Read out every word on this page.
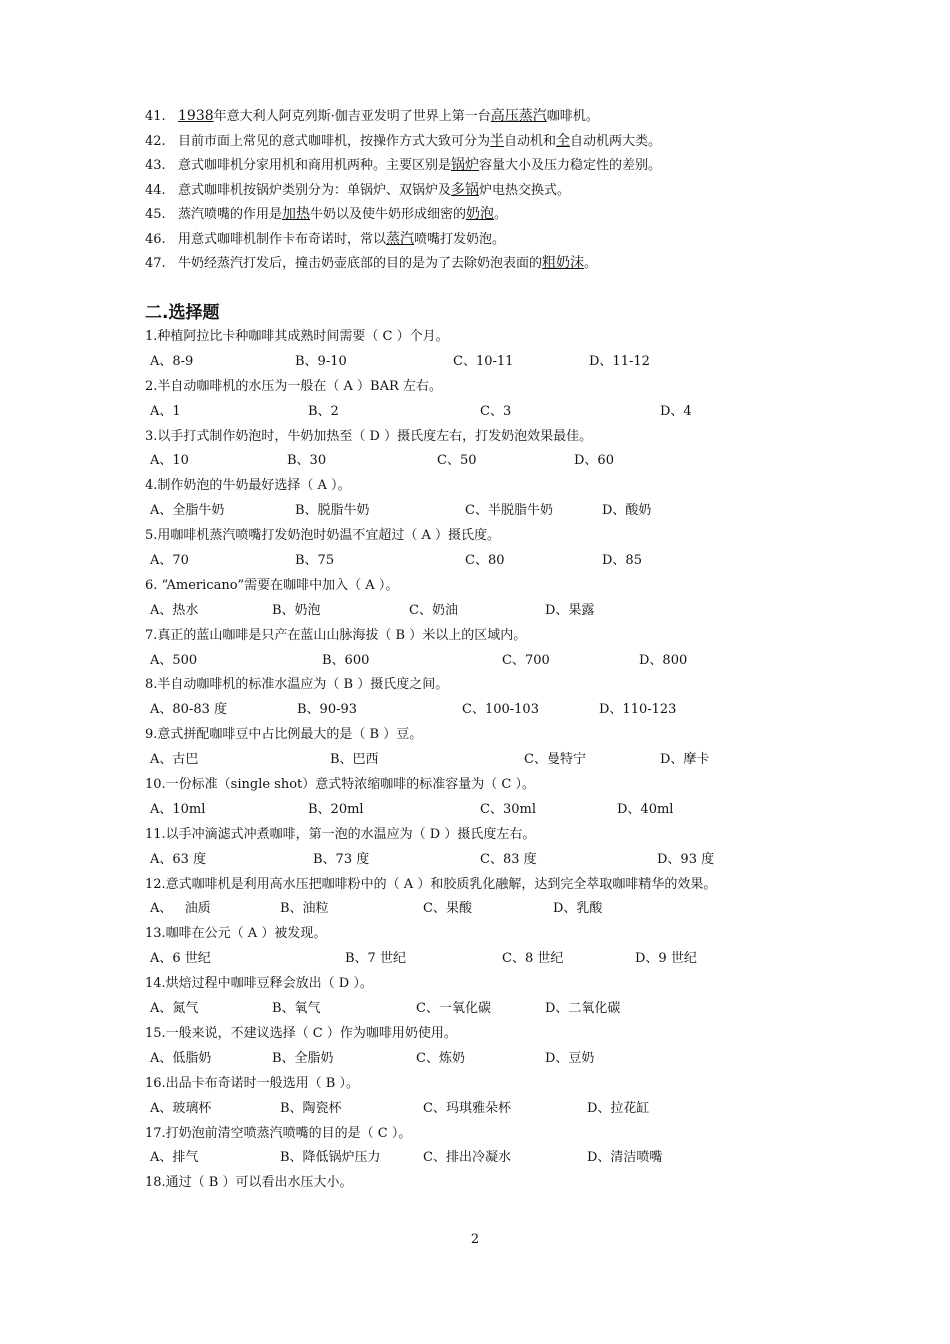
41. 1938年意大利人阿克列斯·伽吉亚发明了世界上第一台高压蒸汽咖啡机。
42. 目前市面上常见的意式咖啡机，按操作方式大致可分为半自动机和全自动机两大类。
43. 意式咖啡机分家用机和商用机两种。主要区别是锅炉容量大小及压力稳定性的差别。
44. 意式咖啡机按锅炉类别分为：单锅炉、双锅炉及多锅炉电热交换式。
45. 蒸汽喷嘴的作用是加热牛奶以及使牛奶形成细密的奶泡。
46. 用意式咖啡机制作卡布奇诺时，常以蒸汽喷嘴打发奶泡。
47. 牛奶经蒸汽打发后，撞击奶壶底部的目的是为了去除奶泡表面的粗奶沫。
二.选择题
1.种植阿拉比卡种咖啡其成熟时间需要（ C ）个月。
A、8-9	B、9-10	C、10-11	D、11-12
2.半自动咖啡机的水压为一般在（ A ）BAR 左右。
A、1	B、2	C、3	D、4
3.以手打式制作奶泡时，牛奶加热至（ D ）摄氏度左右，打发奶泡效果最佳。
A、10	B、30	C、50	D、60
4.制作奶泡的牛奶最好选择（ A ）。
A、全脂牛奶	B、脱脂牛奶	C、半脱脂牛奶	D、酸奶
5.用咖啡机蒸汽喷嘴打发奶泡时奶温不宜超过（ A ）摄氏度。
A、70	B、75	C、80	D、85
6. “Americano”需要在咖啡中加入（ A ）。
A、热水	B、奶泡	C、奶油	D、果露
7.真正的蓝山咖啡是只产在蓝山山脉海拔（ B ）米以上的区域内。
A、500	B、600	C、700	D、800
8.半自动咖啡机的标准水温应为（ B ）摄氏度之间。
A、80-83 度	B、90-93	C、100-103	D、110-123
9.意式拼配咖啡豆中占比例最大的是（ B ）豆。
A、古巴	B、巴西	C、曼特宁	D、摩卡
10.一份标准（single shot）意式特浓缩咖啡的标准容量为（ C ）。
A、10ml	B、20ml	C、30ml	D、40ml
11.以手冲滴滤式冲煮咖啡，第一泡的水温应为（ D ）摄氏度左右。
A、63 度	B、73 度	C、83 度	D、93 度
12.意式咖啡机是利用高水压把咖啡粉中的（ A ）和胶质乳化融解，达到完全萃取咖啡精华的效果。
A、   油质	B、油粒	C、果酸	D、乳酸
13.咖啡在公元（ A ）被发现。
A、6 世纪	B、7 世纪	C、8 世纪	D、9 世纪
14.烘焙过程中咖啡豆释会放出（ D ）。
A、氮气	B、氧气	C、一氧化碳	D、二氧化碳
15.一般来说，不建议选择（ C ）作为咖啡用奶使用。
A、低脂奶	B、全脂奶	C、炼奶	D、豆奶
16.出品卡布奇诺时一般选用（ B ）。
A、玻璃杯	B、陶瓷杯	C、玛琪雅朵杯	D、拉花缸
17.打奶泡前清空喷蒸汽喷嘴的目的是（ C ）。
A、排气	B、降低锅炉压力	C、排出冷凝水	D、清洁喷嘴
18.通过（ B ）可以看出水压大小。
2
